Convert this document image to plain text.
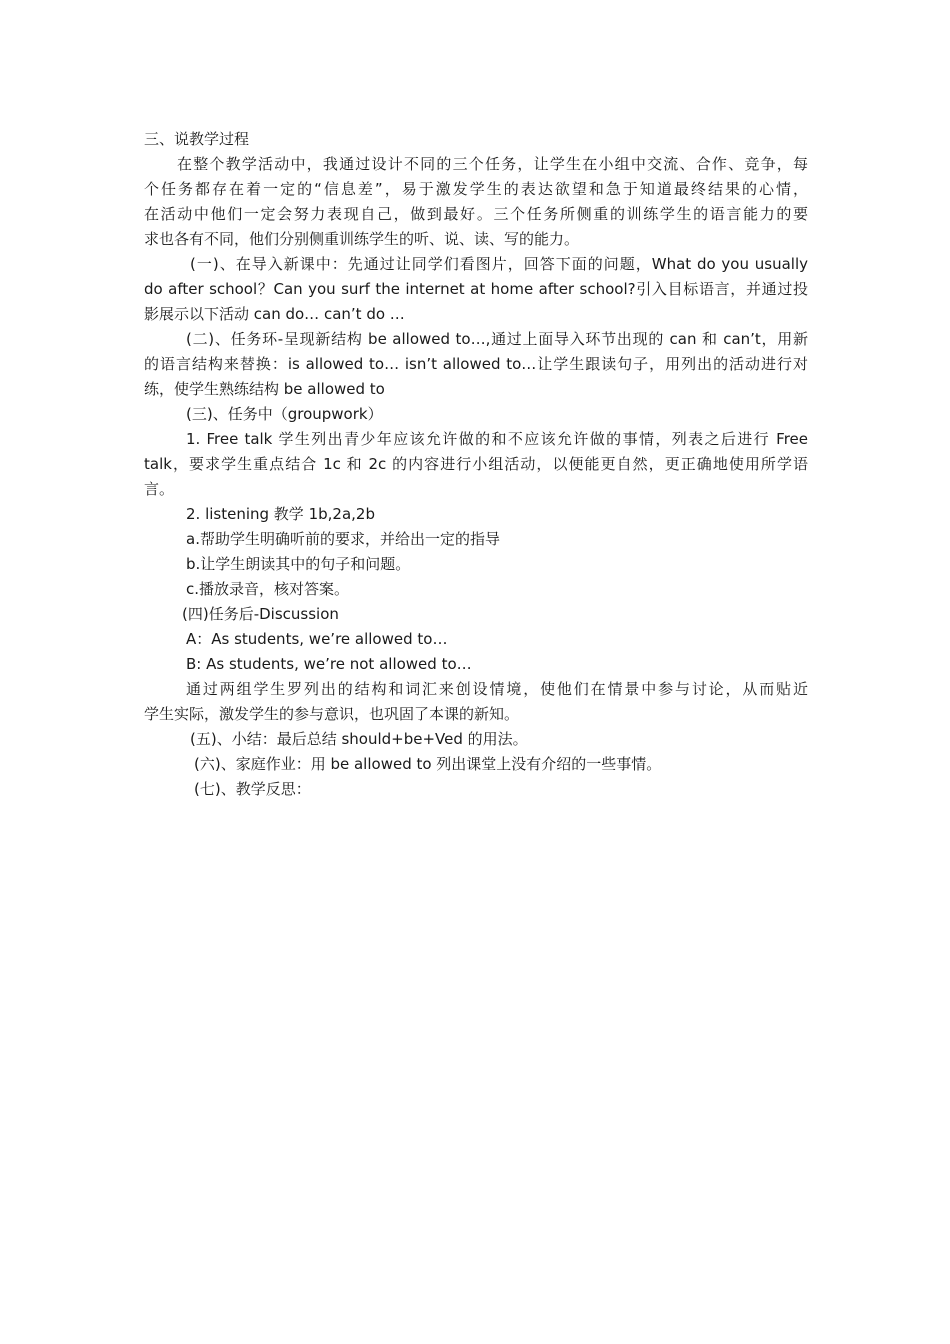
三、说教学过程

在整个教学活动中，我通过设计不同的三个任务，让学生在小组中交流、合作、竞争，每

个任务都存在着一定的“信息差”，易于激发学生的表达欲望和急于知道最终结果的心情，

在活动中他们一定会努力表现自己，做到最好。三个任务所侧重的训练学生的语言能力的要

求也各有不同，他们分别侧重训练学生的听、说、读、写的能力。

(一)、在导入新课中：先通过让同学们看图片，回答下面的问题，What do you usually

do after school？Can you surf the internet at home after school?引入目标语言，并通过投

影展示以下活动 can do… can’t do …

(二)、任务环-呈现新结构 be allowed to…,通过上面导入环节出现的 can 和 can’t，用新

的语言结构来替换：is allowed to… isn’t allowed to…让学生跟读句子，用列出的活动进行对

练，使学生熟练结构 be allowed to

(三)、任务中（groupwork）

1. Free talk 学生列出青少年应该允许做的和不应该允许做的事情，列表之后进行 Free

talk，要求学生重点结合 1c 和 2c 的内容进行小组活动，以便能更自然，更正确地使用所学语

言。

2. listening 教学 1b,2a,2b

a.帮助学生明确听前的要求，并给出一定的指导

b.让学生朗读其中的句子和问题。

c.播放录音，核对答案。

(四)任务后-Discussion

A：As students, we’re allowed to…

B: As students, we’re not allowed to…

通过两组学生罗列出的结构和词汇来创设情境，使他们在情景中参与讨论，从而贴近

学生实际，激发学生的参与意识，也巩固了本课的新知。

(五)、小结：最后总结 should+be+Ved 的用法。

(六)、家庭作业：用 be allowed to 列出课堂上没有介绍的一些事情。

(七)、教学反思：
